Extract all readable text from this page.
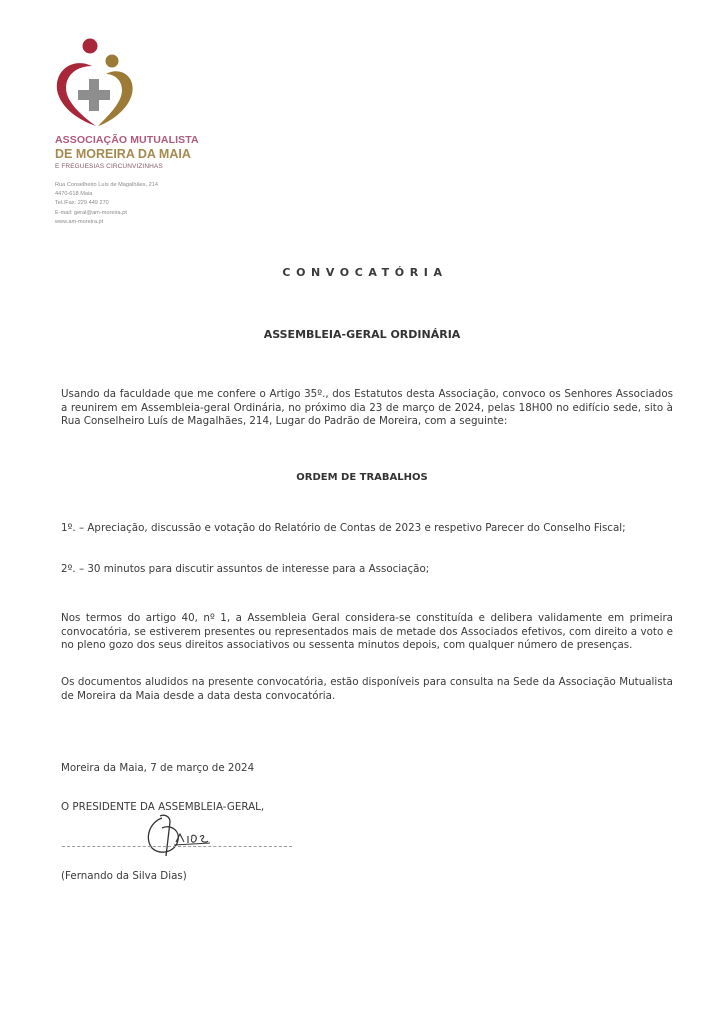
ASSOCIAÇÃO MUTUALISTA
DE MOREIRA DA MAIA
E FREGUESIAS CIRCUNVIZINHAS
Rua Conselheiro Luís de Magalhães, 214
4470-618 Maia
Tel./Fax: 229 449 270
E-mail: geral@am-moreira.pt
www.am-moreira.pt
CONVOCATÓRIA
ASSEMBLEIA-GERAL ORDINÁRIA
Usando da faculdade que me confere o Artigo 35º., dos Estatutos desta Associação, convoco os Senhores Associados a reunirem em Assembleia-geral Ordinária, no próximo dia 23 de março de 2024, pelas 18H00 no edifício sede, sito à Rua Conselheiro Luís de Magalhães, 214, Lugar do Padrão de Moreira, com a seguinte:
ORDEM DE TRABALHOS
1º. – Apreciação, discussão e votação do Relatório de Contas de 2023 e respetivo Parecer do Conselho Fiscal;
2º. – 30 minutos para discutir assuntos de interesse para a Associação;
Nos termos do artigo 40, nº 1, a Assembleia Geral considera-se constituída e delibera validamente em primeira convocatória, se estiverem presentes ou representados mais de metade dos Associados efetivos, com direito a voto e no pleno gozo dos seus direitos associativos ou sessenta minutos depois, com qualquer número de presenças.
Os documentos aludidos na presente convocatória, estão disponíveis para consulta na Sede da Associação Mutualista de Moreira da Maia desde a data desta convocatória.
Moreira da Maia, 7 de março de 2024
O PRESIDENTE DA ASSEMBLEIA-GERAL,
(Fernando da Silva Dias)
